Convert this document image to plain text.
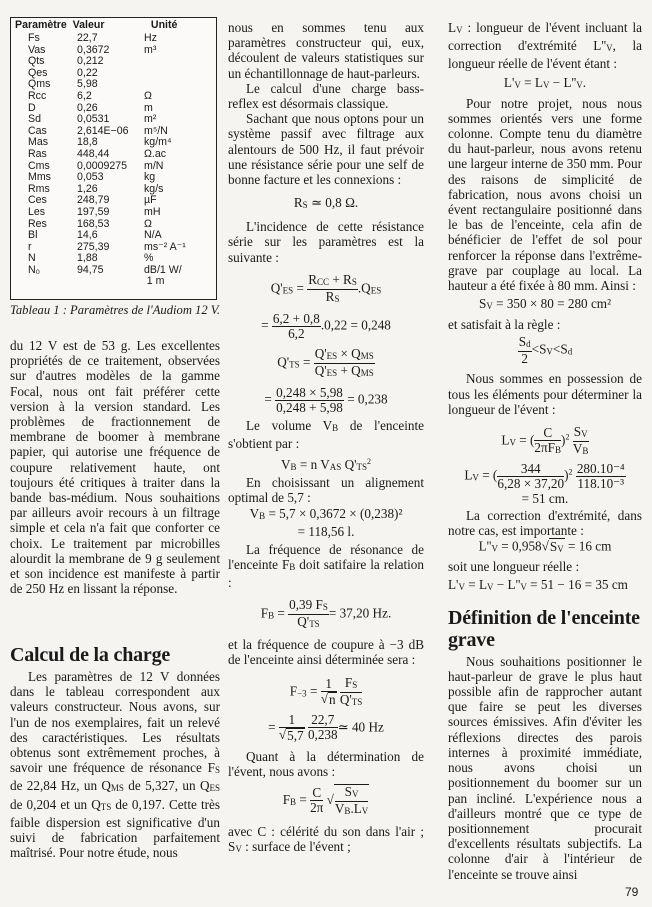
Paramètre Valeur	Unité
Fs	22,7	Hz
Vas	0,3672	m³
Qts	0,212
Qes	0,22
Qms	5,98
Rcc	6,2	Ω
D	0,26	m
Sd	0,0531	m²
Cas	2,614E−06	m⁵/N
Mas	18,8	kg/m⁴
Ras	448,44	Ω.ac
Cms	0,0009275	m/N
Mms	0,053	kg
Rms	1,26	kg/s
Ces	248,79	µF
Les	197,59	mH
Res	168,53	Ω
Bl	14,6	N/A
r	275,39	ms⁻² A⁻¹
N	1,88	%
N₀	94,75	dB/1 W/
1 m
Tableau 1 : Paramètres de l'Audiom 12 V.

du 12 V est de 53 g. Les excellentes propriétés de ce traitement, observées sur d'autres modèles de la gamme Focal, nous ont fait préférer cette version à la version standard. Les problèmes de fractionnement de membrane de boomer à membrane papier, qui autorise une fréquence de coupure relativement haute, ont toujours été critiques à traiter dans la bande bas-médium. Nous souhaitions par ailleurs avoir recours à un filtrage simple et cela n'a fait que conforter ce choix. Le traitement par microbilles alourdit la membrane de 9 g seulement et son incidence est manifeste à partir de 250 Hz en lissant la réponse.

Calcul de la charge

Les paramètres de 12 V données dans le tableau correspondent aux valeurs constructeur. Nous avons, sur l'un de nos exemplaires, fait un relevé des caractéristiques. Les résultats obtenus sont extrêmement proches, à savoir une fréquence de résonance FS de 22,84 Hz, un QMS de 5,327, un QES de 0,204 et un QTS de 0,197. Cette très faible dispersion est significative d'un suivi de fabrication parfaitement maîtrisé. Pour notre étude, nous

nous en sommes tenu aux paramètres constructeur qui, eux, découlent de valeurs statistiques sur un échantillonnage de haut-parleurs.

Le calcul d'une charge bass-reflex est désormais classique.

Sachant que nous optons pour un système passif avec filtrage aux alentours de 500 Hz, il faut prévoir une résistance série pour une self de bonne facture et les connexions :

RS ≃ 0,8 Ω.

L'incidence de cette résistance série sur les paramètres est la suivante :

$Q'ES = \frac{\text{RCC + RS}}{RS} .QES$
= $\frac{6,2 + 0,8}{6,2} .0,22 = 0,248$
$Q'TS = \frac{\text{Q'ES × QMS}}{\text{Q'ES + QMS}}$
= $\frac{0,248 \times 5,98}{0,248 + 5,98} = 0,238$

Le volume VB de l'enceinte s'obtient par :

VB = n VAS $Q'TS^2$

En choisissant un alignement optimal de 5,7 :

VB = 5,7 × 0,3672 × (0,238)²
= 118,56 l.

La fréquence de résonance de l'enceinte FB doit satifaire la relation :

FB = $\frac{0,39 FS}{Q'TS} = 37,20$ Hz.

et la fréquence de coupure à −3 dB de l'enceinte ainsi déterminée sera :

$F-3 = \frac{1}{√n}$
$\frac{FS}{Q'TS}$
= $\frac{1}{√5,7}$
$\frac{22,7}{0,238}$ ≃ 40 Hz

Quant à la détermination de l'évent, nous avons :

FB = $\frac{C}{2\pi}$ √ $\frac{SV}{VB.LV}$

avec C : célérité du son dans l'air ; SV : surface de l'évent ;

LV : longueur de l'évent incluant la correction d'extrémité L''V, la longueur réelle de l'évent étant :

L'V = LV − L''V.

Pour notre projet, nous nous sommes orientés vers une forme colonne. Compte tenu du diamètre du haut-parleur, nous avons retenu une largeur interne de 350 mm. Pour des raisons de simplicité de fabrication, nous avons choisi un évent rectangulaire positionné dans le bas de l'enceinte, cela afin de bénéficier de l'effet de sol pour renforcer la réponse dans l'extrême-grave par couplage au local. La hauteur a été fixée à 80 mm. Ainsi :

SV = 350 × 80 = 280 cm²

et satisfait à la règle :

$\frac{Sd}{2} <SV<Sd$

Nous sommes en possession de tous les éléments pour déterminer la longueur de l'évent :

LV = ( $\frac{C}{\text{2πFB}} )^2 \frac{SV}{VB}$
LV = ( $\frac{344}{6,28 \times 37,20} )^2 \frac{\text{280.10⁻⁴}}{\text{118.10⁻³}}$
= 51 cm.

La correction d'extrémité, dans notre cas, est importante :

L''V = 0,958√SV = 16 cm

soit une longueur réelle :

L'V = LV − L''V = 51 − 16 = 35 cm
Définition de l'enceinte grave

Nous souhaitions positionner le haut-parleur de grave le plus haut possible afin de rapprocher autant que faire se peut les diverses sources émissives. Afin d'éviter les réflexions directes des parois internes à proximité immédiate, nous avons choisi un positionnement du boomer sur un pan incliné. L'expérience nous a d'ailleurs montré que ce type de positionnement procurait d'excellents résultats subjectifs. La colonne d'air à l'intérieur de l'enceinte se trouve ainsi

79
